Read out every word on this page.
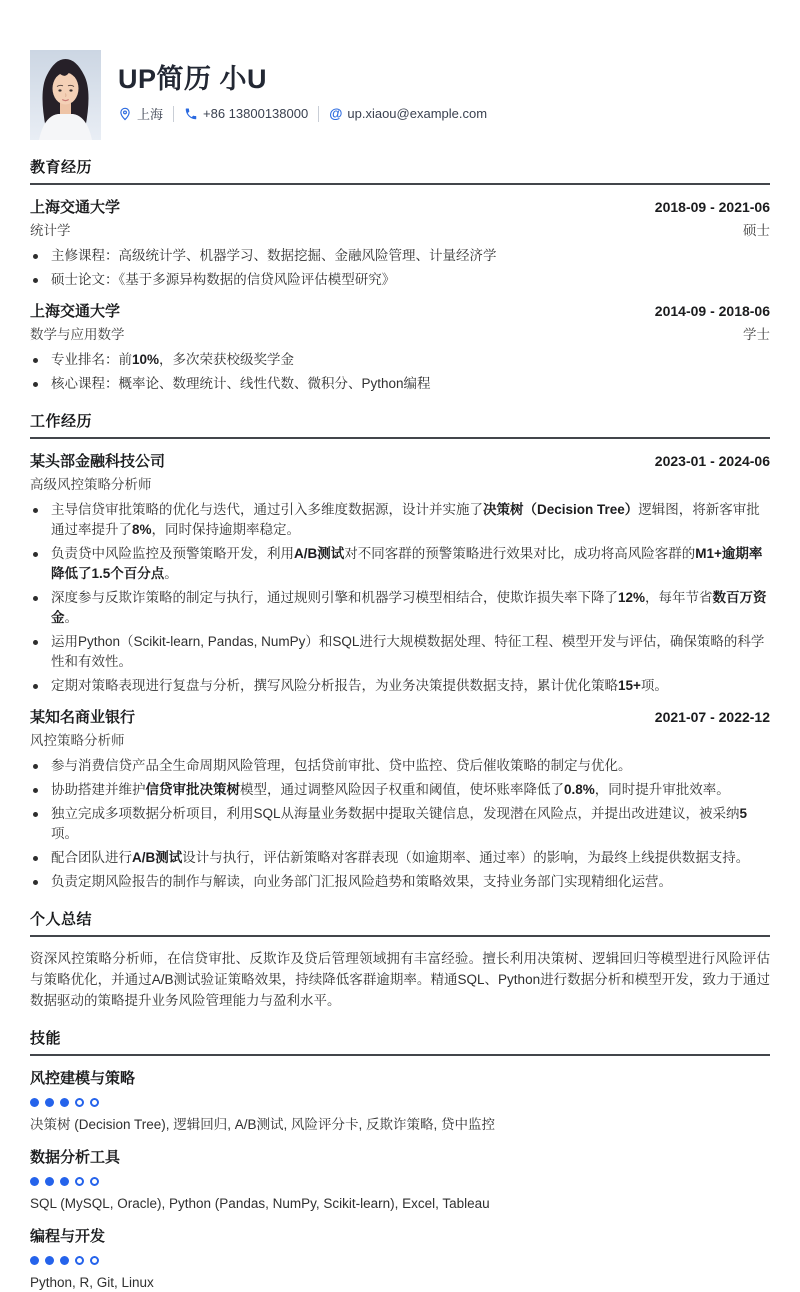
UP简历 小U
上海	+86 13800138000 @ up.xiaou@example.com
教育经历
上海交通大学	2018-09 - 2021-06
统计学	硕士
主修课程：高级统计学、机器学习、数据挖掘、金融风险管理、计量经济学
硕士论文：《基于多源异构数据的信贷风险评估模型研究》
上海交通大学	2014-09 - 2018-06
数学与应用数学	学士
专业排名：前10%，多次荣获校级奖学金
核心课程：概率论、数理统计、线性代数、微积分、Python编程
工作经历
某头部金融科技公司	2023-01 - 2024-06
高级风控策略分析师
主导信贷审批策略的优化与迭代，通过引入多维度数据源，设计并实施了决策树（Decision Tree）逻辑图，将新客审批通过率提升了8%，同时保持逾期率稳定。
负责贷中风险监控及预警策略开发，利用A/B测试对不同客群的预警策略进行效果对比，成功将高风险客群的M1+逾期率降低了1.5个百分点。
深度参与反欺诈策略的制定与执行，通过规则引擎和机器学习模型相结合，使欺诈损失率下降了12%，每年节省数百万资金。
运用Python（Scikit-learn, Pandas, NumPy）和SQL进行大规模数据处理、特征工程、模型开发与评估，确保策略的科学性和有效性。
定期对策略表现进行复盘与分析，撰写风险分析报告，为业务决策提供数据支持，累计优化策略15+项。
某知名商业银行	2021-07 - 2022-12
风控策略分析师
参与消费信贷产品全生命周期风险管理，包括贷前审批、贷中监控、贷后催收策略的制定与优化。
协助搭建并维护信贷审批决策树模型，通过调整风险因子权重和阈值，使坏账率降低了0.8%，同时提升审批效率。
独立完成多项数据分析项目，利用SQL从海量业务数据中提取关键信息，发现潜在风险点，并提出改进建议，被采纳5项。
配合团队进行A/B测试设计与执行，评估新策略对客群表现（如逾期率、通过率）的影响，为最终上线提供数据支持。
负责定期风险报告的制作与解读，向业务部门汇报风险趋势和策略效果，支持业务部门实现精细化运营。
个人总结

资深风控策略分析师，在信贷审批、反欺诈及贷后管理领域拥有丰富经验。擅长利用决策树、逻辑回归等模型进行风险评估与策略优化，并通过A/B测试验证策略效果，持续降低客群逾期率。精通SQL、Python进行数据分析和模型开发，致力于通过数据驱动的策略提升业务风险管理能力与盈利水平。

技能
风控建模与策略
决策树 (Decision Tree), 逻辑回归, A/B测试, 风险评分卡, 反欺诈策略, 贷中监控
数据分析工具
SQL (MySQL, Oracle), Python (Pandas, NumPy, Scikit-learn), Excel, Tableau
编程与开发
Python, R, Git, Linux
